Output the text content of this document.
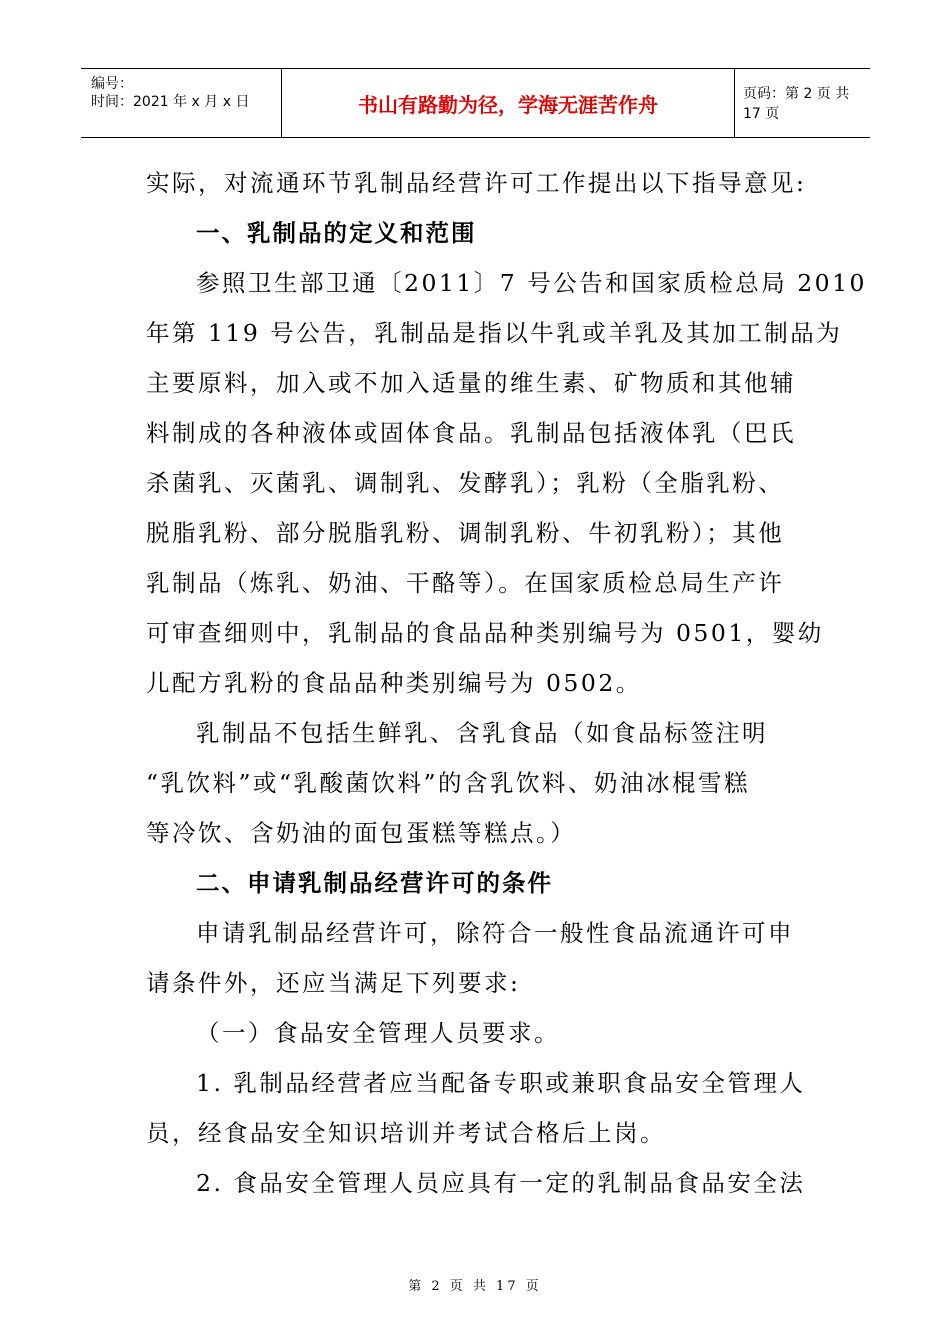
编号：
时间：2021 年 x 月 x 日	书山有路勤为径，学海无涯苦作舟	页码：第 2 页 共 17 页

实际，对流通环节乳制品经营许可工作提出以下指导意见:

一、乳制品的定义和范围

参照卫生部卫通〔2011〕7 号公告和国家质检总局 2010

年第 119 号公告，乳制品是指以牛乳或羊乳及其加工制品为

主要原料，加入或不加入适量的维生素、矿物质和其他辅

料制成的各种液体或固体食品。乳制品包括液体乳（巴氏

杀菌乳、灭菌乳、调制乳、发酵乳）；乳粉（全脂乳粉、

脱脂乳粉、部分脱脂乳粉、调制乳粉、牛初乳粉）；其他

乳制品（炼乳、奶油、干酪等）。在国家质检总局生产许

可审查细则中，乳制品的食品品种类别编号为 0501，婴幼

儿配方乳粉的食品品种类别编号为 0502。

乳制品不包括生鲜乳、含乳食品（如食品标签注明

“乳饮料”或“乳酸菌饮料”的含乳饮料、奶油冰棍雪糕

等冷饮、含奶油的面包蛋糕等糕点。）

二、申请乳制品经营许可的条件

申请乳制品经营许可，除符合一般性食品流通许可申

请条件外，还应当满足下列要求:

（一）食品安全管理人员要求。

1. 乳制品经营者应当配备专职或兼职食品安全管理人

员，经食品安全知识培训并考试合格后上岗。

2. 食品安全管理人员应具有一定的乳制品食品安全法

第 2 页 共 17 页
